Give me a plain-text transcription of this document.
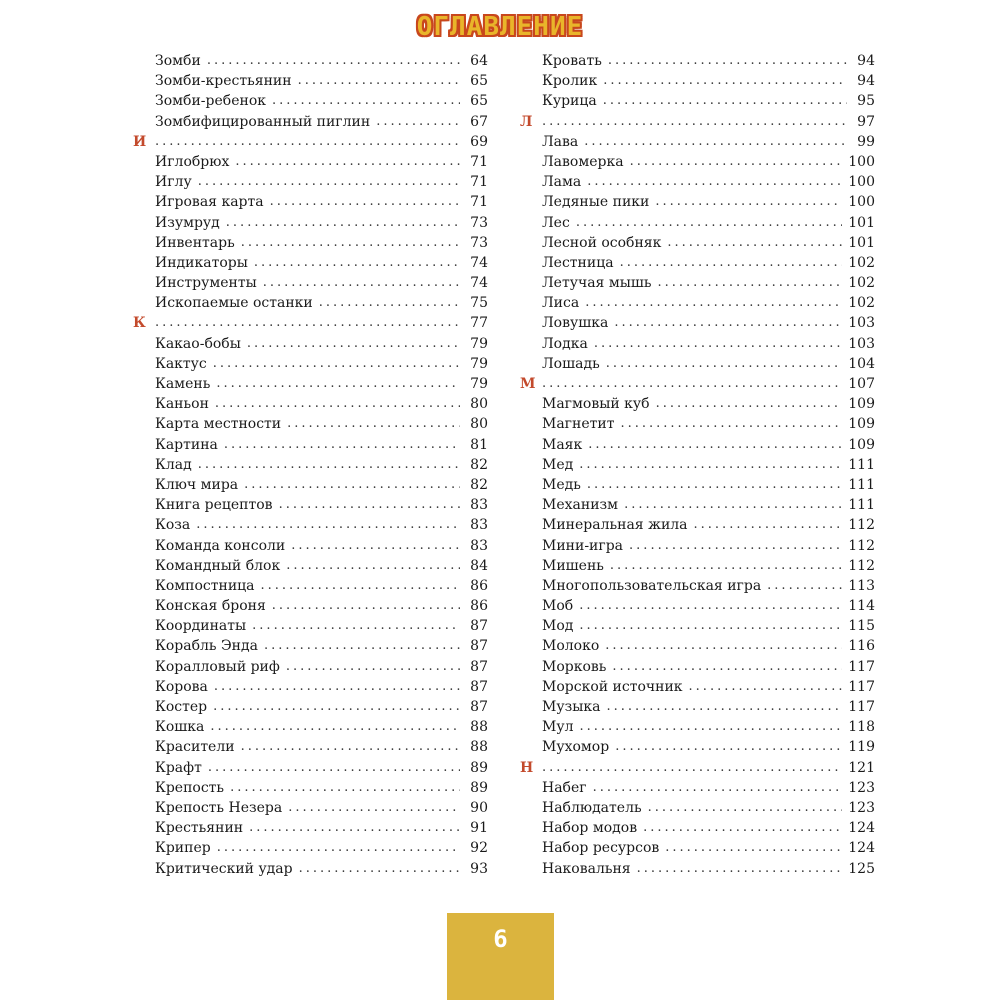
ОГЛАВЛЕНИЕ
Зомби .....	64
Зомби-крестьянин .....	65
Зомби-ребенок .....	65
Зомбифицированный пиглин .....	67
И .....	69
Иглобрюх .....	71
Иглу .....	71
Игровая карта .....	71
Изумруд .....	73
Инвентарь .....	73
Индикаторы .....	74
Инструменты .....	74
Ископаемые останки .....	75
К .....	77
Какао-бобы .....	79
Кактус .....	79
Камень .....	79
Каньон .....	80
Карта местности .....	80
Картина .....	81
Клад .....	82
Ключ мира .....	82
Книга рецептов .....	83
Коза .....	83
Команда консоли .....	83
Командный блок .....	84
Компостница .....	86
Конская броня .....	86
Координаты .....	87
Корабль Энда .....	87
Коралловый риф .....	87
Корова .....	87
Костер .....	87
Кошка .....	88
Красители .....	88
Крафт .....	89
Крепость .....	89
Крепость Незера .....	90
Крестьянин .....	91
Крипер .....	92
Критический удар .....	93
Кровать .....	94
Кролик .....	94
Курица .....	95
Л .....	97
Лава .....	99
Лавомерка .....	100
Лама .....	100
Ледяные пики .....	100
Лес .....	101
Лесной особняк .....	101
Лестница .....	102
Летучая мышь .....	102
Лиса .....	102
Ловушка .....	103
Лодка .....	103
Лошадь .....	104
М .....	107
Магмовый куб .....	109
Магнетит .....	109
Маяк .....	109
Мед .....	111
Медь .....	111
Механизм .....	111
Минеральная жила .....	112
Мини-игра .....	112
Мишень .....	112
Многопользовательская игра .....	113
Моб .....	114
Мод .....	115
Молоко .....	116
Морковь .....	117
Морской источник .....	117
Музыка .....	117
Мул .....	118
Мухомор .....	119
Н .....	121
Набег .....	123
Наблюдатель .....	123
Набор модов .....	124
Набор ресурсов .....	124
Наковальня .....	125
6
